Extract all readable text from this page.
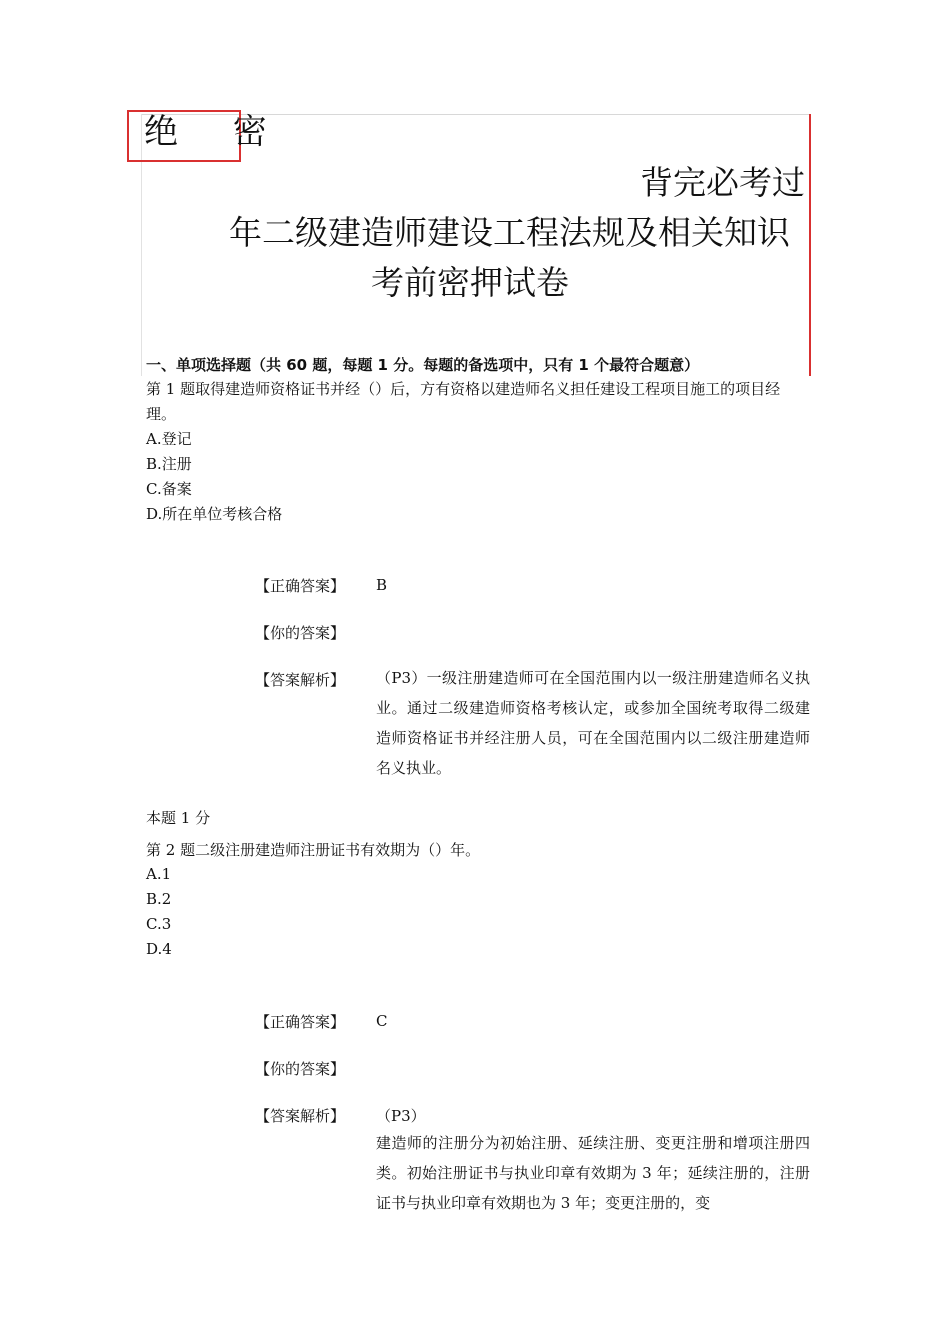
绝 密
背完必考过
年二级建造师建设工程法规及相关知识
考前密押试卷
一、单项选择题（共 60 题，每题 1 分。每题的备选项中，只有 1 个最符合题意）
第 1 题取得建造师资格证书并经（）后，方有资格以建造师名义担任建设工程项目施工的项目经理。
A.登记
B.注册
C.备案
D.所在单位考核合格
【正确答案】 B
【你的答案】
【答案解析】 （P3）一级注册建造师可在全国范围内以一级注册建造师名义执业。通过二级建造师资格考核认定，或参加全国统考取得二级建造师资格证书并经注册人员，可在全国范围内以二级注册建造师名义执业。
本题 1 分
第 2 题二级注册建造师注册证书有效期为（）年。
A.1
B.2
C.3
D.4
【正确答案】 C
【你的答案】
【答案解析】 （P3）
建造师的注册分为初始注册、延续注册、变更注册和增项注册四类。初始注册证书与执业印章有效期为 3 年；延续注册的，注册证书与执业印章有效期也为 3 年；变更注册的，变
